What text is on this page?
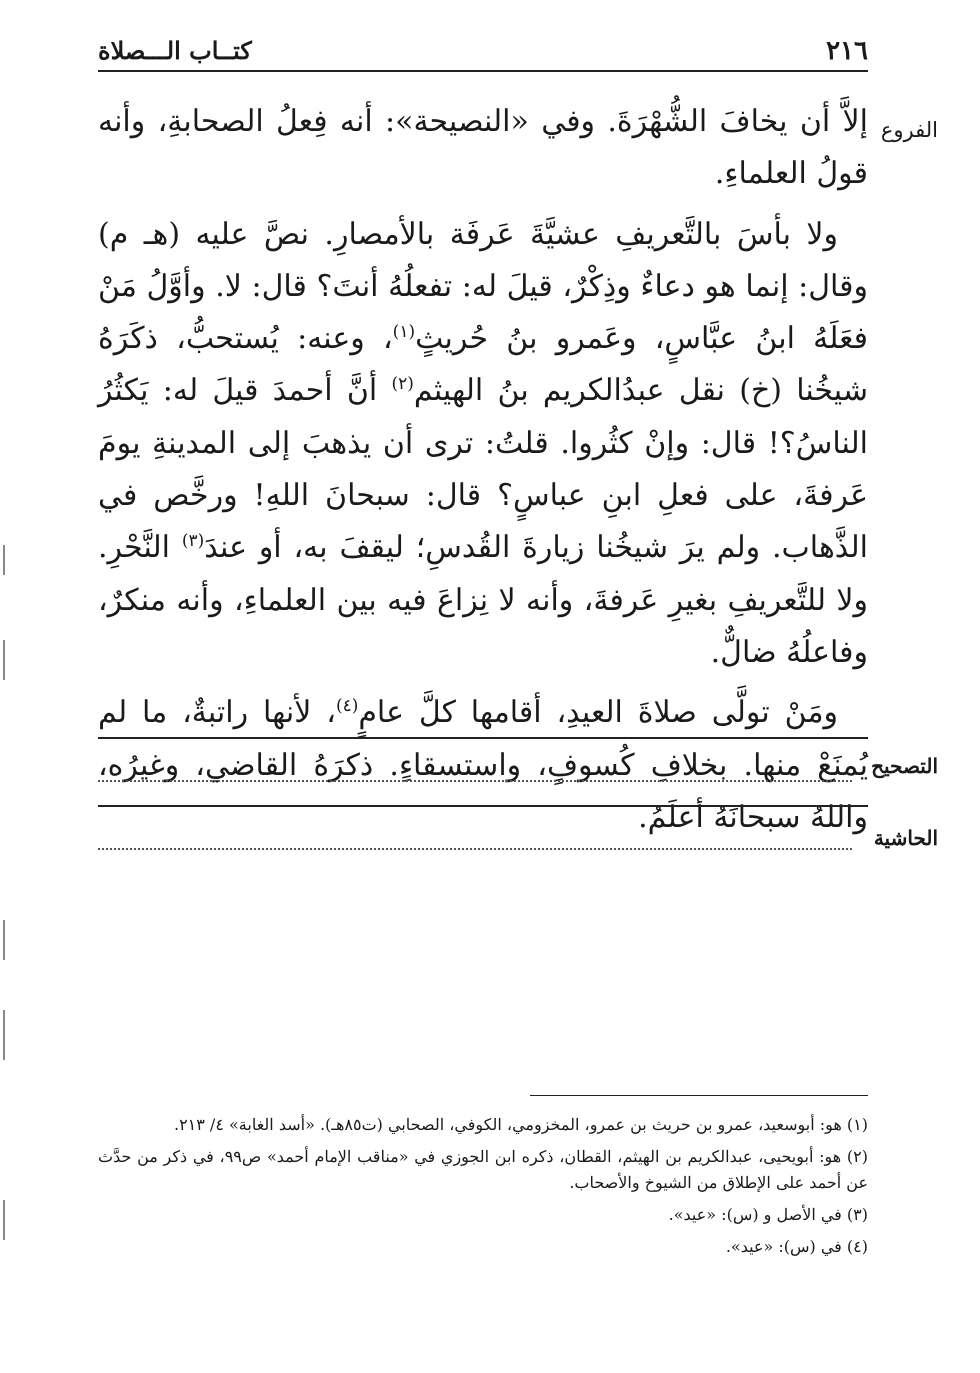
٢١٦
كتــاب الـــصلاة
الفروع

إلاَّ أن يخافَ الشُّهْرَةَ. وفي «النصيحة»: أنه فِعلُ الصحابةِ، وأنه قولُ العلماءِ.

ولا بأسَ بالتَّعريفِ عشيَّةَ عَرفَة بالأمصارِ. نصَّ عليه (هـ م) وقال: إنما هو دعاءٌ وذِكْرٌ، قيلَ له: تفعلُهُ أنتَ؟ قال: لا. وأوَّلُ مَنْ فعَلَهُ ابنُ عبَّاسٍ، وعَمرو بنُ حُريثٍ$^{(١)}$، وعنه: يُستحبُّ، ذكَرَهُ شيخُنا (خ) نقل عبدُالكريم بنُ الهيثم$^{(٢)}$ أنَّ أحمدَ قيلَ له: يَكثُرُ الناسُ؟! قال: وإنْ كثُروا. قلتُ: ترى أن يذهبَ إلى المدينةِ يومَ عَرفةَ، على فعلِ ابنِ عباسٍ؟ قال: سبحانَ اللهِ! ورخَّص في الذَّهاب. ولم يرَ شيخُنا زيارةَ القُدسِ؛ ليقفَ به، أو عندَ$^{(٣)}$ النَّحْرِ. ولا للتَّعريفِ بغيرِ عَرفةَ، وأنه لا نِزاعَ فيه بين العلماءِ، وأنه منكرٌ، وفاعلُهُ ضالٌّ.

ومَنْ تولَّى صلاةَ العيدِ، أقامها كلَّ عامٍ$^{(٤)}$، لأنها راتبةٌ، ما لم يُمنَعْ منها. بخلافِ كُسوفٍ، واستسقاءٍ. ذكرَهُ القاضي، وغيرُه، واللهُ سبحانَهُ أعلَمُ.

التصحيح
الحاشية

(١) هو: أبوسعيد، عمرو بن حريث بن عمرو، المخزومي، الكوفي، الصحابي (ت٨٥هـ). «أسد الغابة» ٤/ ٢١٣.

(٢) هو: أبويحيى، عبدالكريم بن الهيثم، القطان، ذكره ابن الجوزي في «مناقب الإمام أحمد» ص٩٩، في ذكر من حدَّث عن أحمد على الإطلاق من الشيوخ والأصحاب.

(٣) في الأصل و (س): «عيد».

(٤) في (س): «عيد».
